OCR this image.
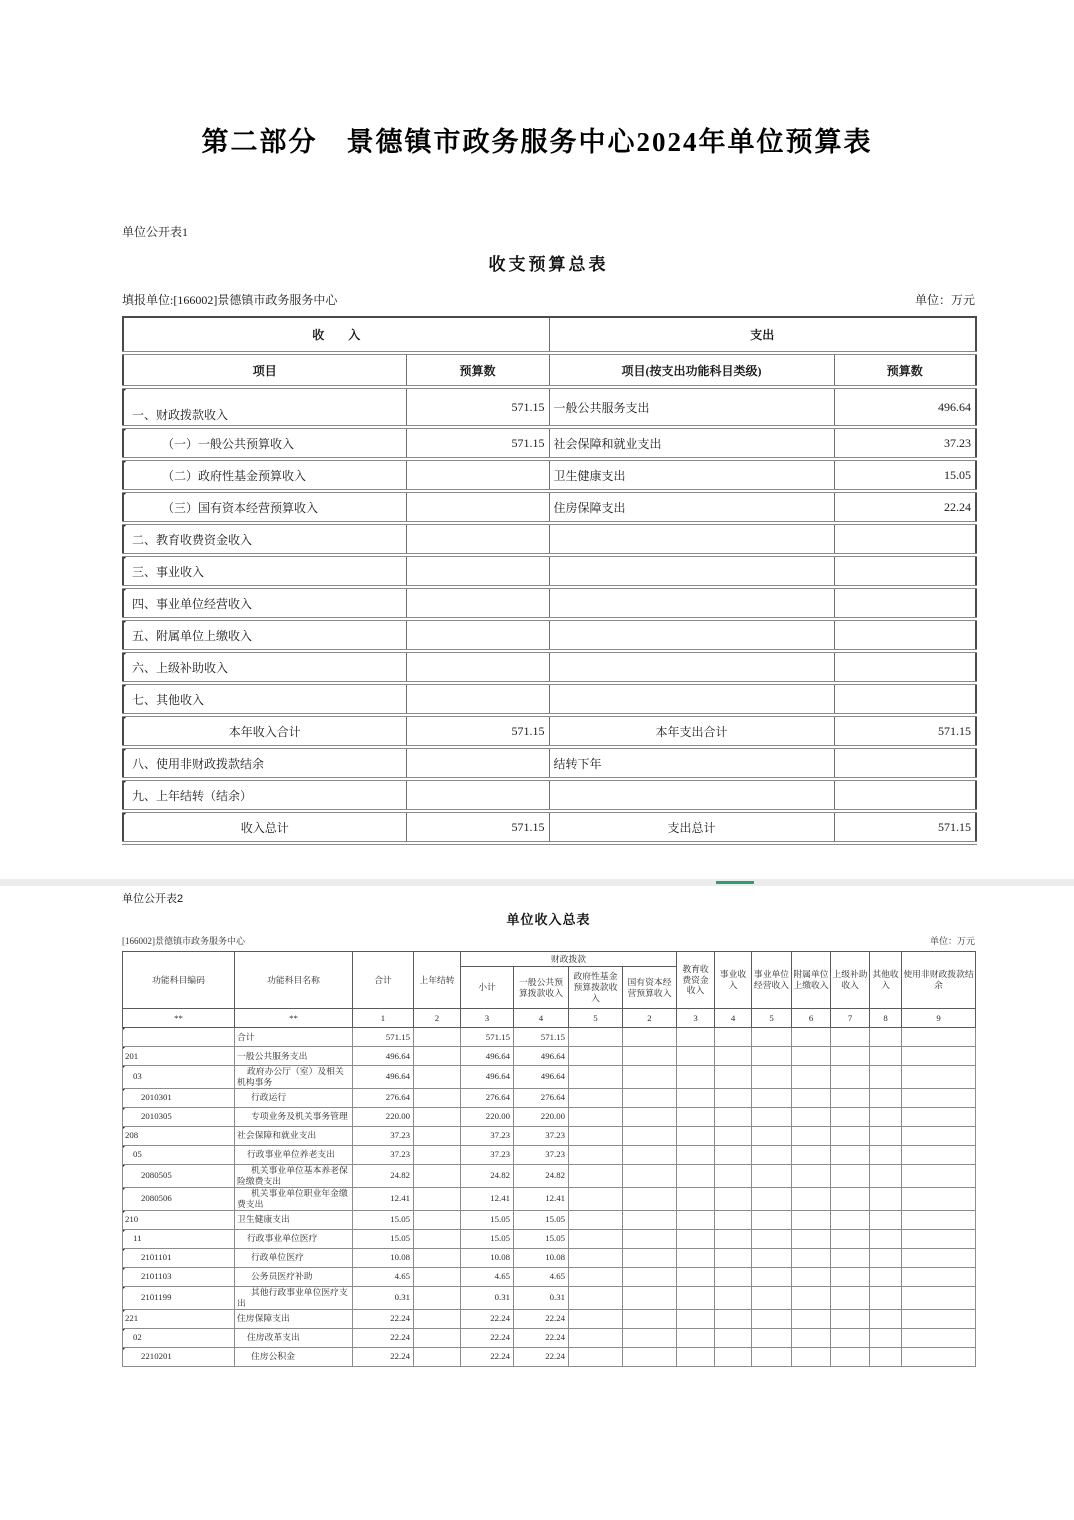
第二部分　景德镇市政务服务中心2024年单位预算表
单位公开表1
收支预算总表
填报单位:[166002]景德镇市政务服务中心	单位：万元
收　　入		支出	
项目	预算数	项目(按支出功能科目类级)	预算数
一、财政拨款收入	571.15	一般公共服务支出	496.64
（一）一般公共预算收入	571.15	社会保障和就业支出	37.23
（二）政府性基金预算收入		卫生健康支出	15.05
（三）国有资本经营预算收入		住房保障支出	22.24
二、教育收费资金收入			
三、事业收入			
四、事业单位经营收入			
五、附属单位上缴收入			
六、上级补助收入			
七、其他收入			
本年收入合计	571.15	本年支出合计	571.15
八、使用非财政拨款结余		结转下年	
九、上年结转（结余）			
收入总计	571.15	支出总计	571.15
单位公开表2
单位收入总表
[166002]景德镇市政务服务中心	单位：万元
功能科目编码	功能科目名称	合计	上年结转	财政拨款				教育收费资金收入	事业收入	事业单位经营收入	附属单位上缴收入	上级补助收入	其他收入	使用非财政拨款结余
				小计	一般公共预算拨款收入	政府性基金预算拨款收入	国有资本经营预算收入							
**	**	1	2	3	4	5	2	3	4	5	6	7	8	9
	合计	571.15		571.15	571.15									
201	一般公共服务支出	496.64		496.64	496.64									
03	政府办公厅（室）及相关机构事务	496.64		496.64	496.64									
2010301	行政运行	276.64		276.64	276.64									
2010305	专项业务及机关事务管理	220.00		220.00	220.00									
208	社会保障和就业支出	37.23		37.23	37.23									
05	行政事业单位养老支出	37.23		37.23	37.23									
2080505	机关事业单位基本养老保险缴费支出	24.82		24.82	24.82									
2080506	机关事业单位职业年金缴费支出	12.41		12.41	12.41									
210	卫生健康支出	15.05		15.05	15.05									
11	行政事业单位医疗	15.05		15.05	15.05									
2101101	行政单位医疗	10.08		10.08	10.08									
2101103	公务员医疗补助	4.65		4.65	4.65									
2101199	其他行政事业单位医疗支出	0.31		0.31	0.31									
221	住房保障支出	22.24		22.24	22.24									
02	住房改革支出	22.24		22.24	22.24									
2210201	住房公积金	22.24		22.24	22.24									
